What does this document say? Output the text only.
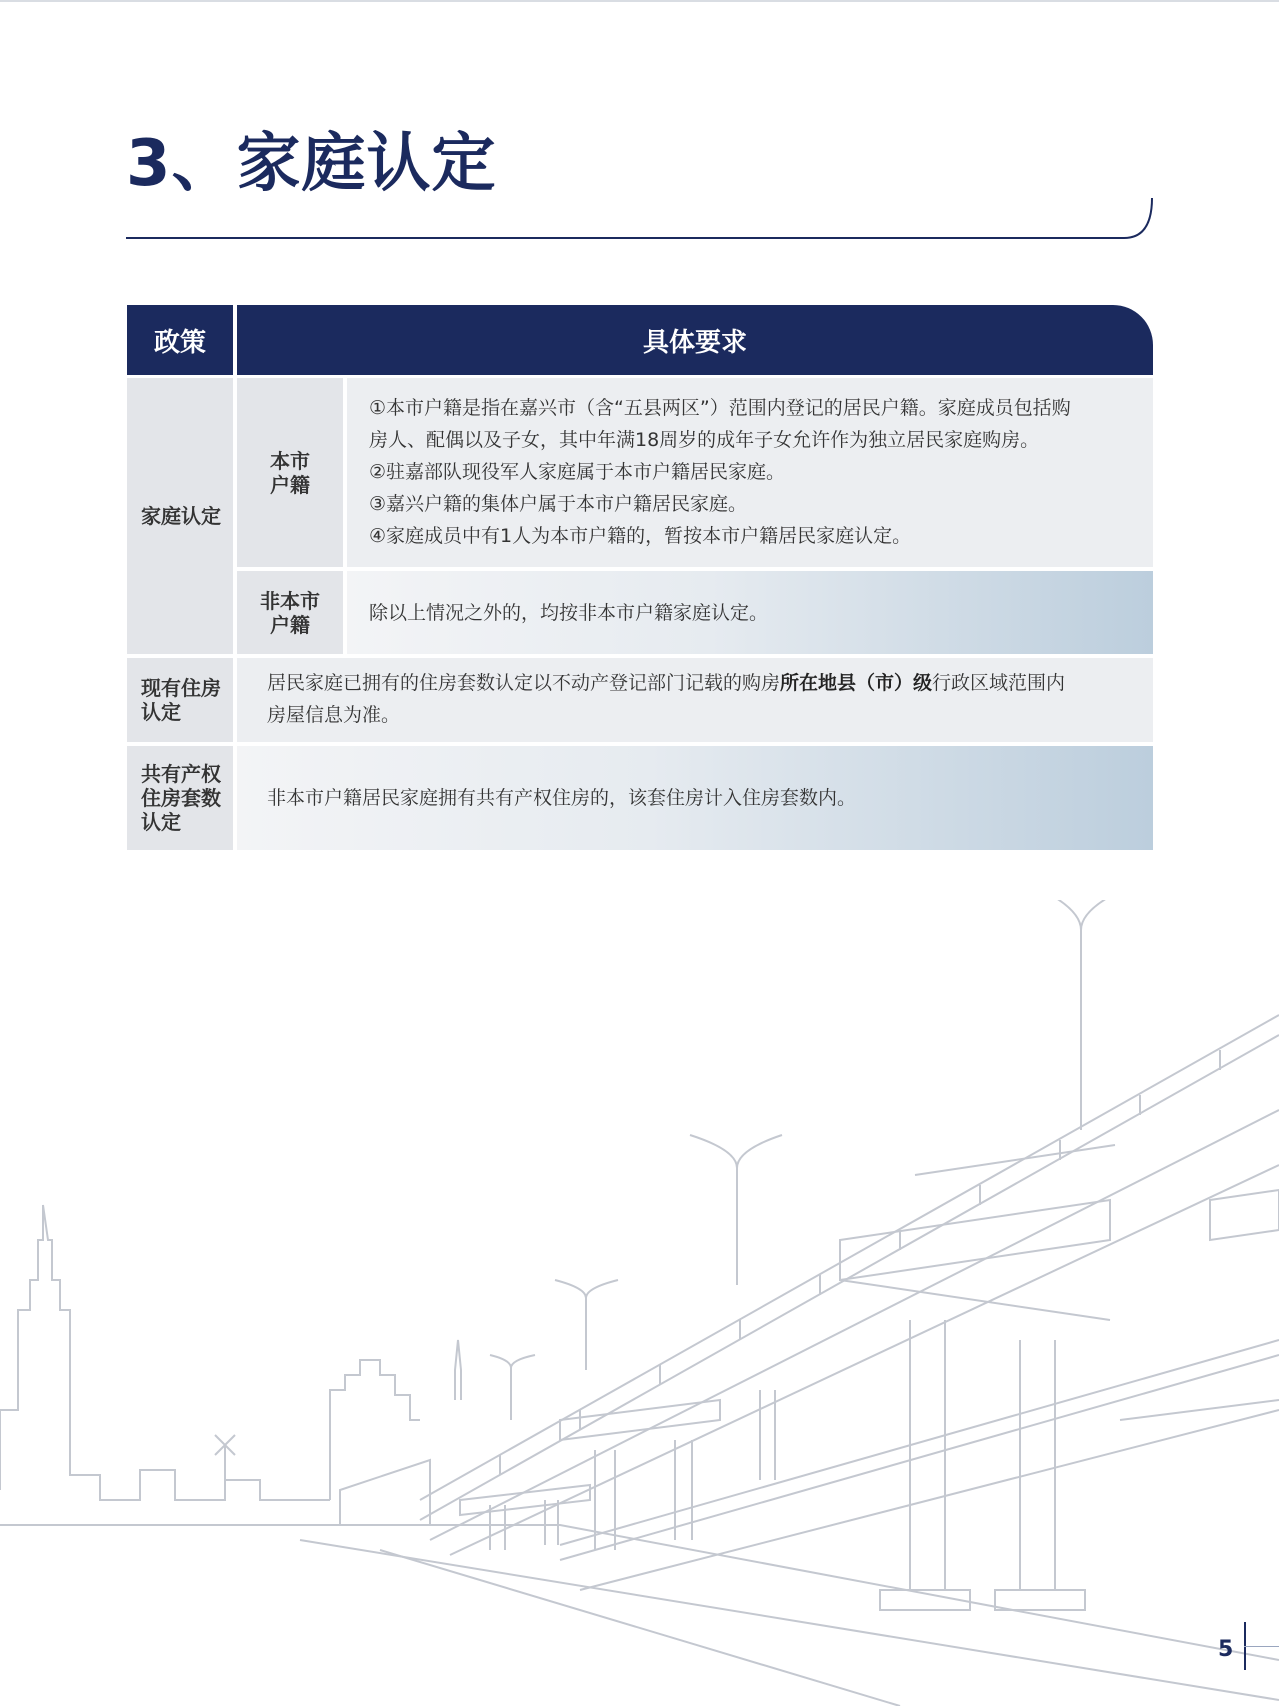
3、家庭认定
政策	具体要求
家庭认定
本市户籍
①本市户籍是指在嘉兴市（含“五县两区”）范围内登记的居民户籍。家庭成员包括购
房人、配偶以及子女，其中年满18周岁的成年子女允许作为独立居民家庭购房。
②驻嘉部队现役军人家庭属于本市户籍居民家庭。
③嘉兴户籍的集体户属于本市户籍居民家庭。
④家庭成员中有1人为本市户籍的，暂按本市户籍居民家庭认定。
非本市户籍	除以上情况之外的，均按非本市户籍家庭认定。
现有住房认定
居民家庭已拥有的住房套数认定以不动产登记部门记载的购房所在地县（市）级行政区域范围内
房屋信息为准。
共有产权住房套数认定
非本市户籍居民家庭拥有共有产权住房的，该套住房计入住房套数内。
5
